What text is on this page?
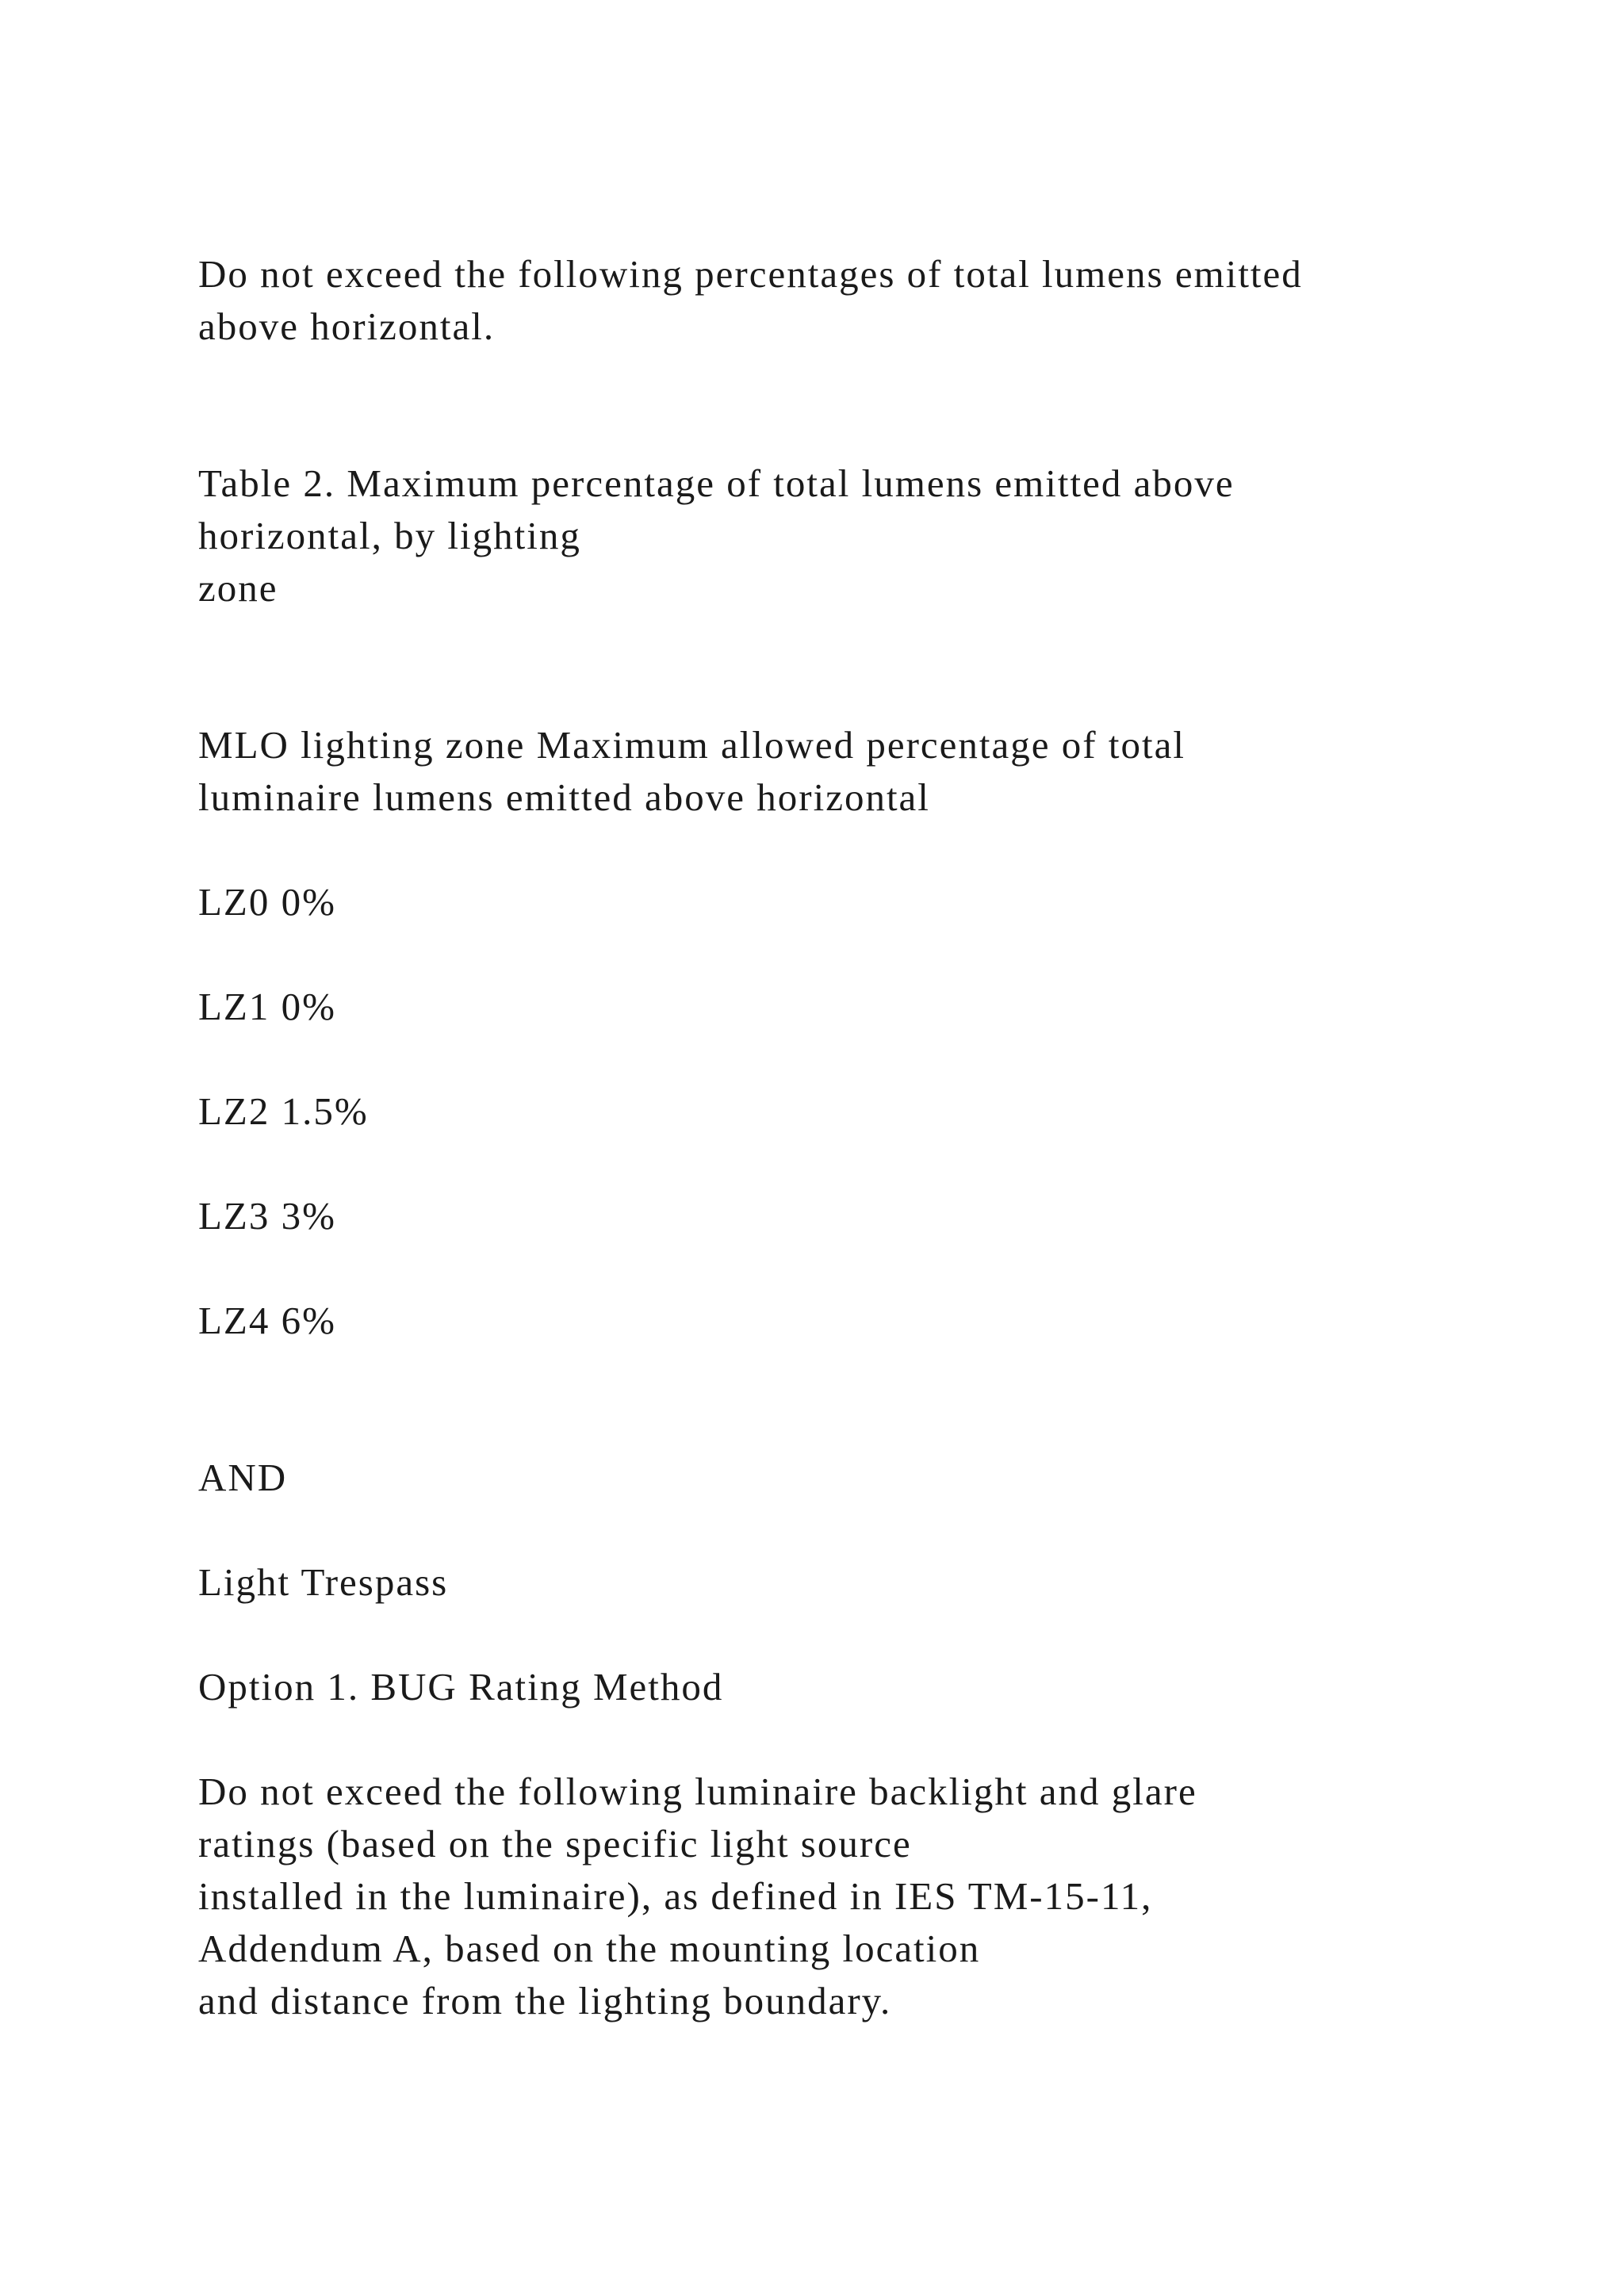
Do not exceed the following percentages of total lumens emitted
above horizontal.
Table 2. Maximum percentage of total lumens emitted above
horizontal, by lighting
zone
MLO lighting zone Maximum allowed percentage of total
luminaire lumens emitted above horizontal
LZ0 0%
LZ1 0%
LZ2 1.5%
LZ3 3%
LZ4 6%
AND
Light Trespass
Option 1. BUG Rating Method
Do not exceed the following luminaire backlight and glare
ratings (based on the specific light source
installed in the luminaire), as defined in IES TM-15-11,
Addendum A, based on the mounting location
and distance from the lighting boundary.
